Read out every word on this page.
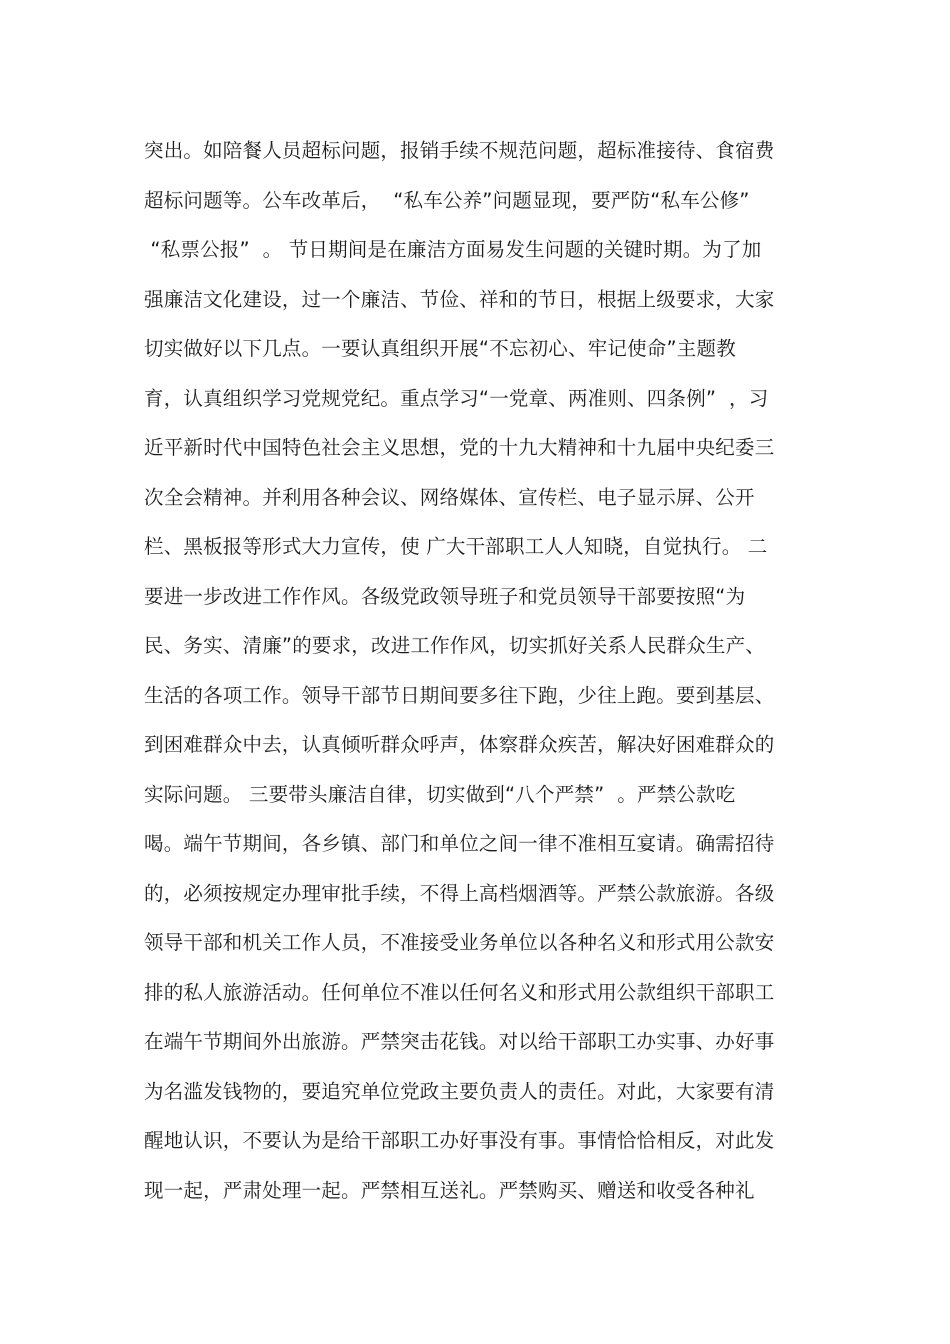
突出。如陪餐人员超标问题，报销手续不规范问题，超标准接待、食宿费
超标问题等。公车改革后，  “私车公养”问题显现，要严防“私车公修”
“私票公报”  。 节日期间是在廉洁方面易发生问题的关键时期。为了加
强廉洁文化建设，过一个廉洁、节俭、祥和的节日，根据上级要求，大家
切实做好以下几点。一要认真组织开展“不忘初心、牢记使命”主题教
育，认真组织学习党规党纪。重点学习“一党章、两准则、四条例”  ，习
近平新时代中国特色社会主义思想，党的十九大精神和十九届中央纪委三
次全会精神。并利用各种会议、网络媒体、宣传栏、电子显示屏、公开
栏、黑板报等形式大力宣传，使 广大干部职工人人知晓，自觉执行。 二
要进一步改进工作作风。各级党政领导班子和党员领导干部要按照“为
民、务实、清廉”的要求，改进工作作风，切实抓好关系人民群众生产、
生活的各项工作。领导干部节日期间要多往下跑，少往上跑。要到基层、
到困难群众中去，认真倾听群众呼声，体察群众疾苦，解决好困难群众的
实际问题。 三要带头廉洁自律，切实做到“八个严禁”  。严禁公款吃
喝。端午节期间，各乡镇、部门和单位之间一律不准相互宴请。确需招待
的，必须按规定办理审批手续，不得上高档烟酒等。严禁公款旅游。各级
领导干部和机关工作人员，不准接受业务单位以各种名义和形式用公款安
排的私人旅游活动。任何单位不准以任何名义和形式用公款组织干部职工
在端午节期间外出旅游。严禁突击花钱。对以给干部职工办实事、办好事
为名滥发钱物的，要追究单位党政主要负责人的责任。对此，大家要有清
醒地认识，不要认为是给干部职工办好事没有事。事情恰恰相反，对此发
现一起，严肃处理一起。严禁相互送礼。严禁购买、赠送和收受各种礼
